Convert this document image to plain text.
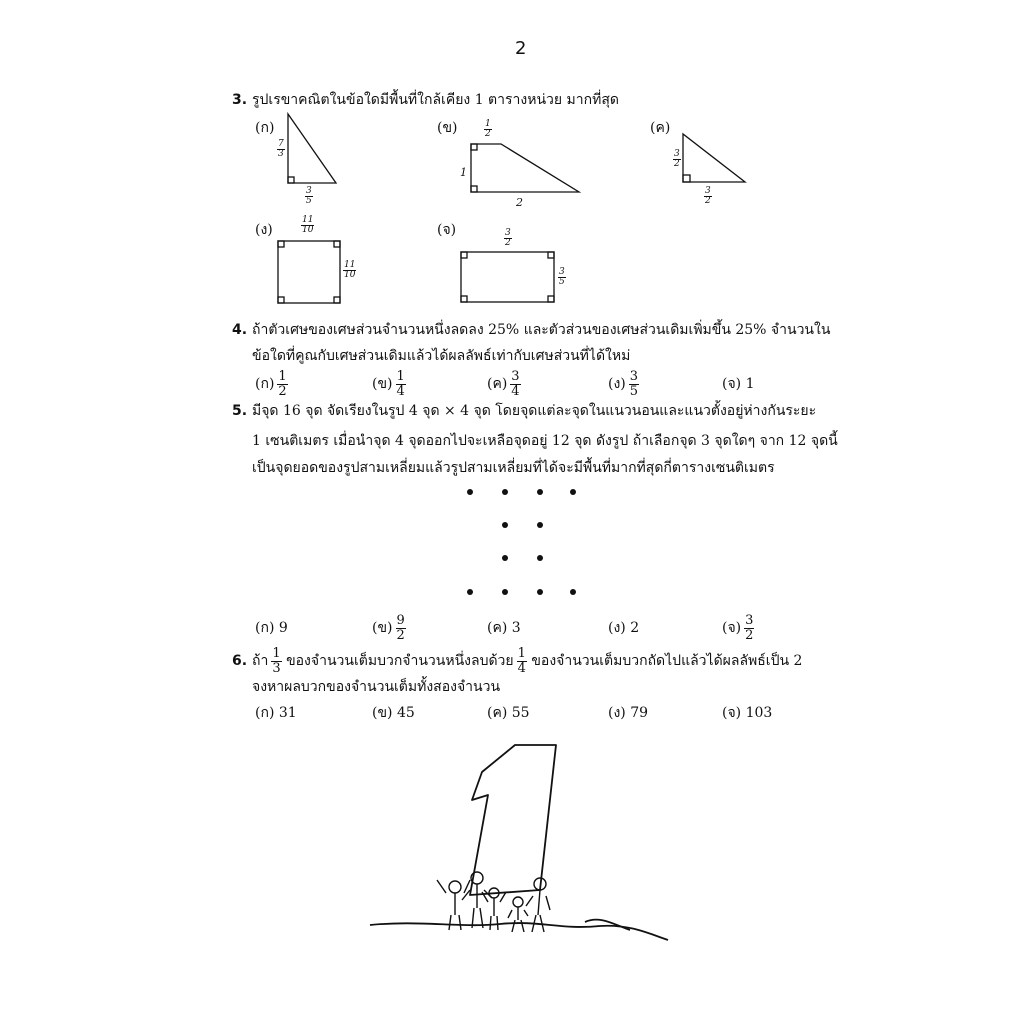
2
3. รูปเรขาคณิตในข้อใดมีพื้นที่ใกล้เคียง 1 ตารางหน่วย มากที่สุด
(ก)
7
3
3
5
(ข)	1
2
1
2
(ค)
3
2
3
2
(ง)
11
10
11
10
(จ)	3
2
3
5
4. ถ้าตัวเศษของเศษส่วนจำนวนหนึ่งลดลง 25% และตัวส่วนของเศษส่วนเดิมเพิ่มขึ้น 25% จำนวนใน
ข้อใดที่คูณกับเศษส่วนเดิมแล้วได้ผลลัพธ์เท่ากับเศษส่วนที่ได้ใหม่
(ก) $\frac{1}{2}$	(ข) $\frac{1}{4}$	(ค) $\frac{3}{4}$	(ง) $\frac{3}{5}$	(จ) 1
5. มีจุด 16 จุด จัดเรียงในรูป 4 จุด × 4 จุด โดยจุดแต่ละจุดในแนวนอนและแนวตั้งอยู่ห่างกันระยะ
1 เซนติเมตร เมื่อนำจุด 4 จุดออกไปจะเหลือจุดอยู่ 12 จุด ดังรูป ถ้าเลือกจุด 3 จุดใดๆ จาก 12 จุดนี้
เป็นจุดยอดของรูปสามเหลี่ยมแล้วรูปสามเหลี่ยมที่ได้จะมีพื้นที่มากที่สุดกี่ตารางเซนติเมตร
(ก) 9	(ข) $\frac{9}{2}$	(ค) 3	(ง) 2	(จ) $\frac{3}{2}$
6. ถ้า $\frac{1}{3}$ ของจำนวนเต็มบวกจำนวนหนึ่งลบด้วย $\frac{1}{4}$ ของจำนวนเต็มบวกถัดไปแล้วได้ผลลัพธ์เป็น 2
จงหาผลบวกของจำนวนเต็มทั้งสองจำนวน
(ก) 31	(ข) 45	(ค) 55	(ง) 79	(จ) 103
